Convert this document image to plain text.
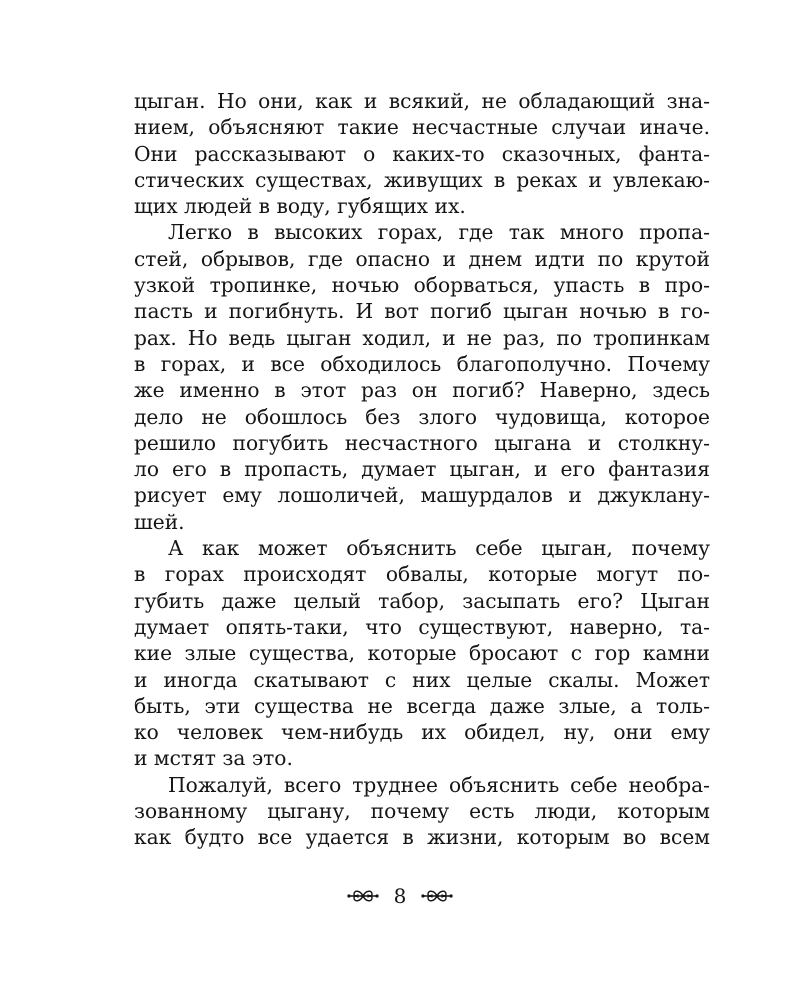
цыган. Но они, как и всякий, не обладающий зна-
нием, объясняют такие несчастные случаи иначе.
Они рассказывают о каких-то сказочных, фанта-
стических существах, живущих в реках и увлекаю-
щих людей в воду, губящих их.
Легко в высоких горах, где так много пропа-
стей, обрывов, где опасно и днем идти по крутой
узкой тропинке, ночью оборваться, упасть в про-
пасть и погибнуть. И вот погиб цыган ночью в го-
рах. Но ведь цыган ходил, и не раз, по тропинкам
в горах, и все обходилось благополучно. Почему
же именно в этот раз он погиб? Наверно, здесь
дело не обошлось без злого чудовища, которое
решило погубить несчастного цыгана и столкну-
ло его в пропасть, думает цыган, и его фантазия
рисует ему лошоличей, машурдалов и джуклану-
шей.
А как может объяснить себе цыган, почему
в горах происходят обвалы, которые могут по-
губить даже целый табор, засыпать его? Цыган
думает опять-таки, что существуют, наверно, та-
кие злые существа, которые бросают с гор камни
и иногда скатывают с них целые скалы. Может
быть, эти существа не всегда даже злые, а толь-
ко человек чем-нибудь их обидел, ну, они ему
и мстят за это.
Пожалуй, всего труднее объяснить себе необра-
зованному цыгану, почему есть люди, которым
как будто все удается в жизни, которым во всем
8
